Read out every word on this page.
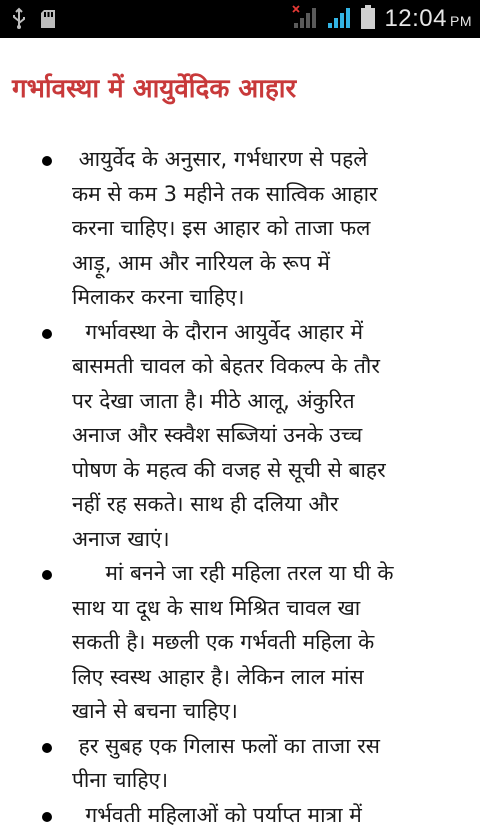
12:04 PM
गर्भावस्था में आयुर्वेदिक आहार
आयुर्वेद के अनुसार, गर्भधारण से पहले
कम से कम 3 महीने तक सात्विक आहार
करना चाहिए। इस आहार को ताजा फल
आड़ू, आम और नारियल के रूप में
मिलाकर करना चाहिए।
गर्भावस्था के दौरान आयुर्वेद आहार में
बासमती चावल को बेहतर विकल्प के तौर
पर देखा जाता है। मीठे आलू, अंकुरित
अनाज और स्क्वैश सब्जियां उनके उच्च
पोषण के महत्व की वजह से सूची से बाहर
नहीं रह सकते। साथ ही दलिया और
अनाज खाएं।
मां बनने जा रही महिला तरल या घी के
साथ या दूध के साथ मिश्रित चावल खा
सकती है। मछली एक गर्भवती महिला के
लिए स्वस्थ आहार है। लेकिन लाल मांस
खाने से बचना चाहिए।
हर सुबह एक गिलास फलों का ताजा रस
पीना चाहिए।
गर्भवती महिलाओं को पर्याप्त मात्रा में
